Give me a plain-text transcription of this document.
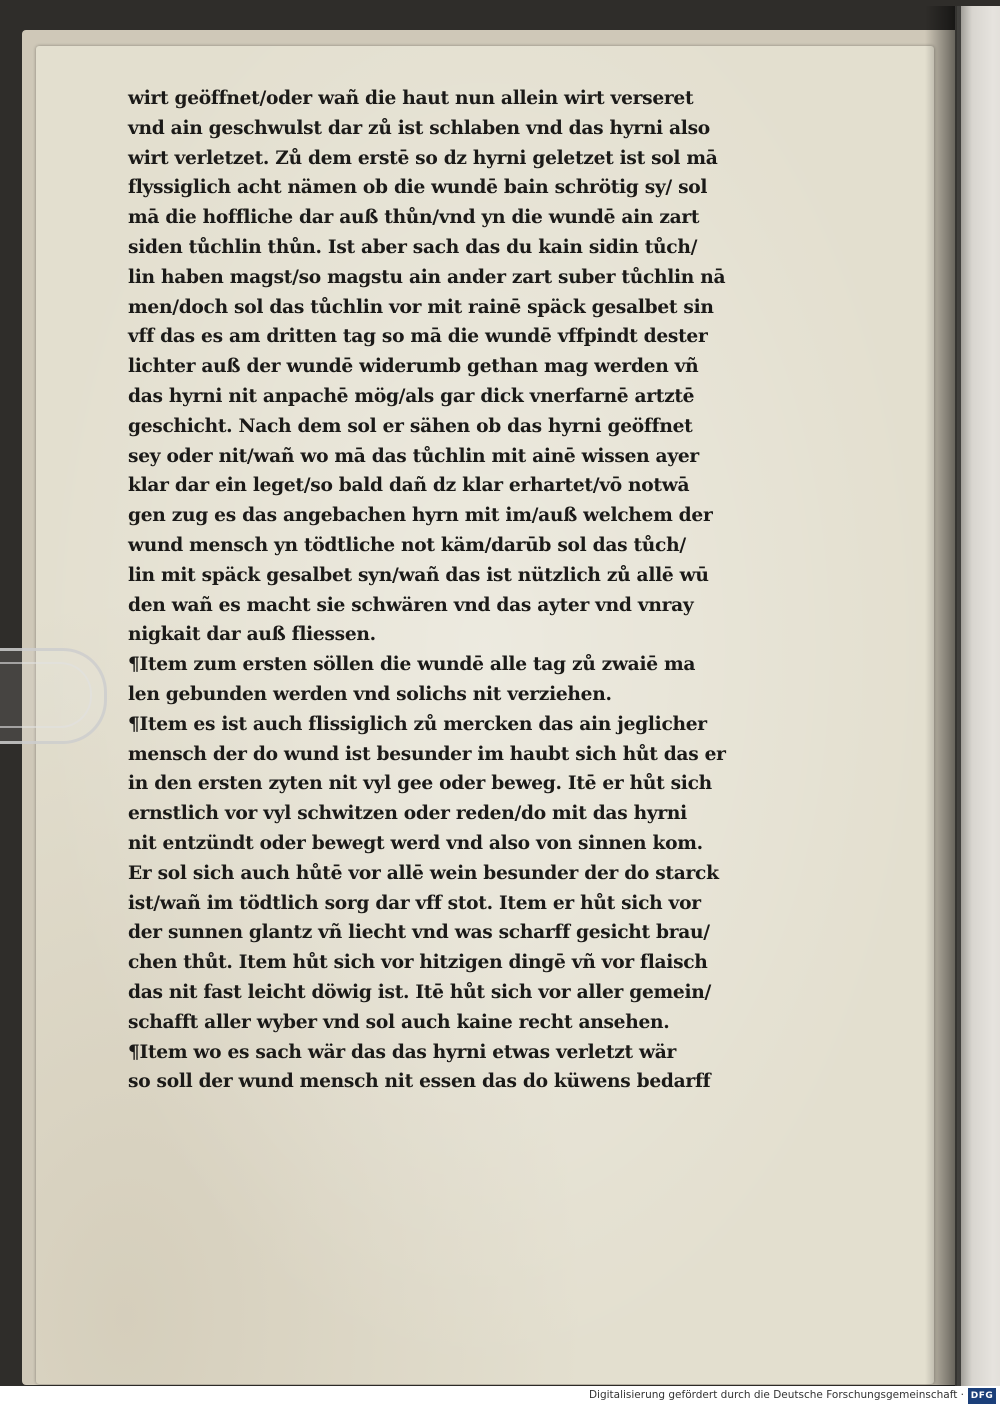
wirt geöffnet/oder wañ die haut nun allein wirt verseret
vnd ain geschwulst dar zů ist schlaben vnd das hyrni also
wirt verletzet. Zů dem erstē so dz hyrni geletzet ist sol mā
flyssiglich acht nämen ob die wundē bain schrötig sy/ sol
mā die hoffliche dar auß thůn/vnd yn die wundē ain zart
siden tůchlin thůn. Ist aber sach das du kain sidin tůch/
lin haben magst/so magstu ain ander zart suber tůchlin nā
men/doch sol das tůchlin vor mit rainē späck gesalbet sin
vff das es am dritten tag so mā die wundē vffpindt dester
lichter auß der wundē widerumb gethan mag werden vñ
das hyrni nit anpachē mög/als gar dick vnerfarnē artztē
geschicht. Nach dem sol er sähen ob das hyrni geöffnet
sey oder nit/wañ wo mā das tůchlin mit ainē wissen ayer
klar dar ein leget/so bald dañ dz klar erhartet/vō notwā
gen zug es das angebachen hyrn mit im/auß welchem der
wund mensch yn tödtliche not käm/darūb sol das tůch/
lin mit späck gesalbet syn/wañ das ist nützlich zů allē wū
den wañ es macht sie schwären vnd das ayter vnd vnray
nigkait dar auß fliessen.
¶Item zum ersten söllen die wundē alle tag zů zwaiē ma
len gebunden werden vnd solichs nit verziehen.
¶Item es ist auch flissiglich zů mercken das ain jeglicher
mensch der do wund ist besunder im haubt sich hůt das er
in den ersten zyten nit vyl gee oder beweg. Itē er hůt sich
ernstlich vor vyl schwitzen oder reden/do mit das hyrni
nit entzündt oder bewegt werd vnd also von sinnen kom.
Er sol sich auch hůtē vor allē wein besunder der do starck
ist/wañ im tödtlich sorg dar vff stot. Item er hůt sich vor
der sunnen glantz vñ liecht vnd was scharff gesicht brau/
chen thůt. Item hůt sich vor hitzigen dingē vñ vor flaisch
das nit fast leicht döwig ist. Itē hůt sich vor aller gemein/
schafft aller wyber vnd sol auch kaine recht ansehen.
¶Item wo es sach wär das das hyrni etwas verletzt wär
so soll der wund mensch nit essen das do küwens bedarff
Digitalisierung gefördert durch die Deutsche Forschungsgemeinschaft · DFG
